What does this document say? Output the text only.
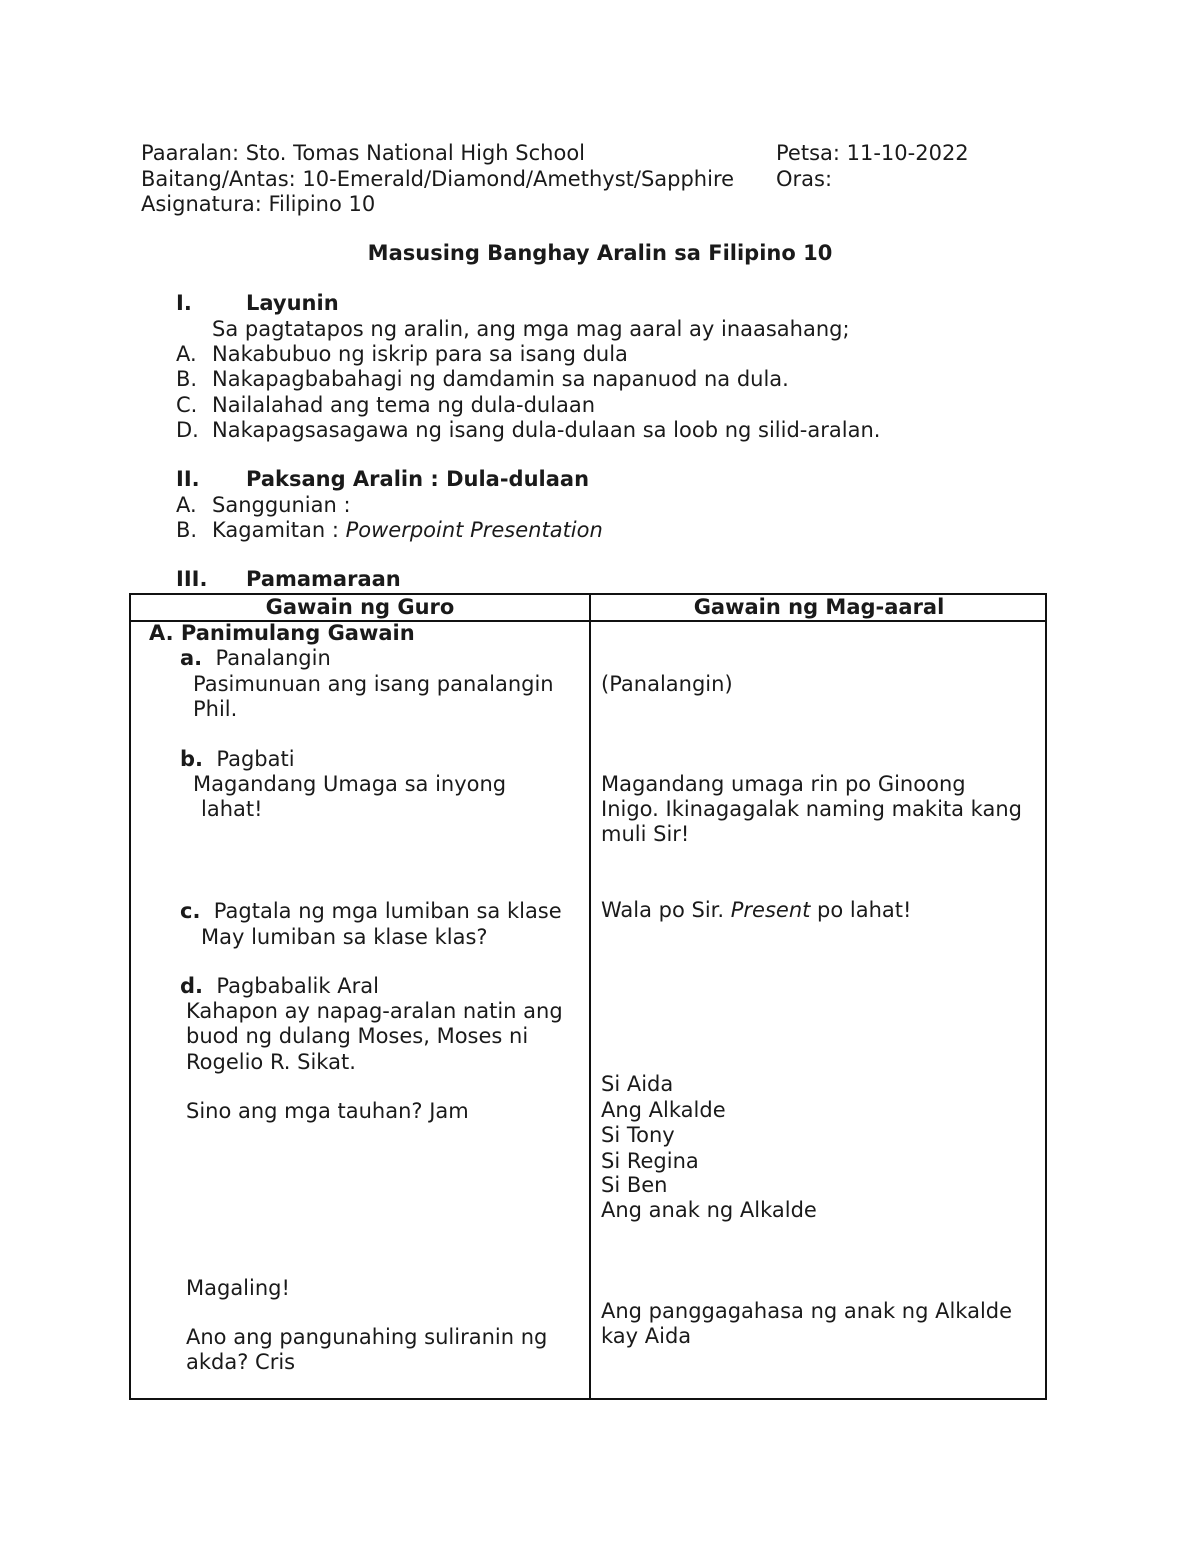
Paaralan: Sto. Tomas National High School
Baitang/Antas: 10-Emerald/Diamond/Amethyst/Sapphire
Asignatura: Filipino 10
Petsa: 11-10-2022
Oras:
Masusing Banghay Aralin sa Filipino 10
I.	Layunin
Sa pagtatapos ng aralin, ang mga mag aaral ay inaasahang;
A. Nakabubuo ng iskrip para sa isang dula
B. Nakapagbabahagi ng damdamin sa napanuod na dula.
C. Nailalahad ang tema ng dula-dulaan
D. Nakapagsasagawa ng isang dula-dulaan sa loob ng silid-aralan.
II. Paksang Aralin : Dula-dulaan
A. Sanggunian :
B. Kagamitan : Powerpoint Presentation
III. Pamamaraan
Gawain ng Guro	Gawain ng Mag-aaral
A. Panimulang Gawain
a. Panalangin
Pasimunuan ang isang panalangin
Phil.
b. Pagbati
Magandang Umaga sa inyong
lahat!
c. Pagtala ng mga lumiban sa klase
May lumiban sa klase klas?
d. Pagbabalik Aral
Kahapon ay napag-aralan natin ang
buod ng dulang Moses, Moses ni
Rogelio R. Sikat.
Sino ang mga tauhan? Jam
Magaling!
Ano ang pangunahing suliranin ng
akda? Cris
(Panalangin)
Magandang umaga rin po Ginoong
Inigo. Ikinagagalak naming makita kang
muli Sir!
Wala po Sir. Present po lahat!
Si Aida
Ang Alkalde
Si Tony
Si Regina
Si Ben
Ang anak ng Alkalde
Ang panggagahasa ng anak ng Alkalde
kay Aida
